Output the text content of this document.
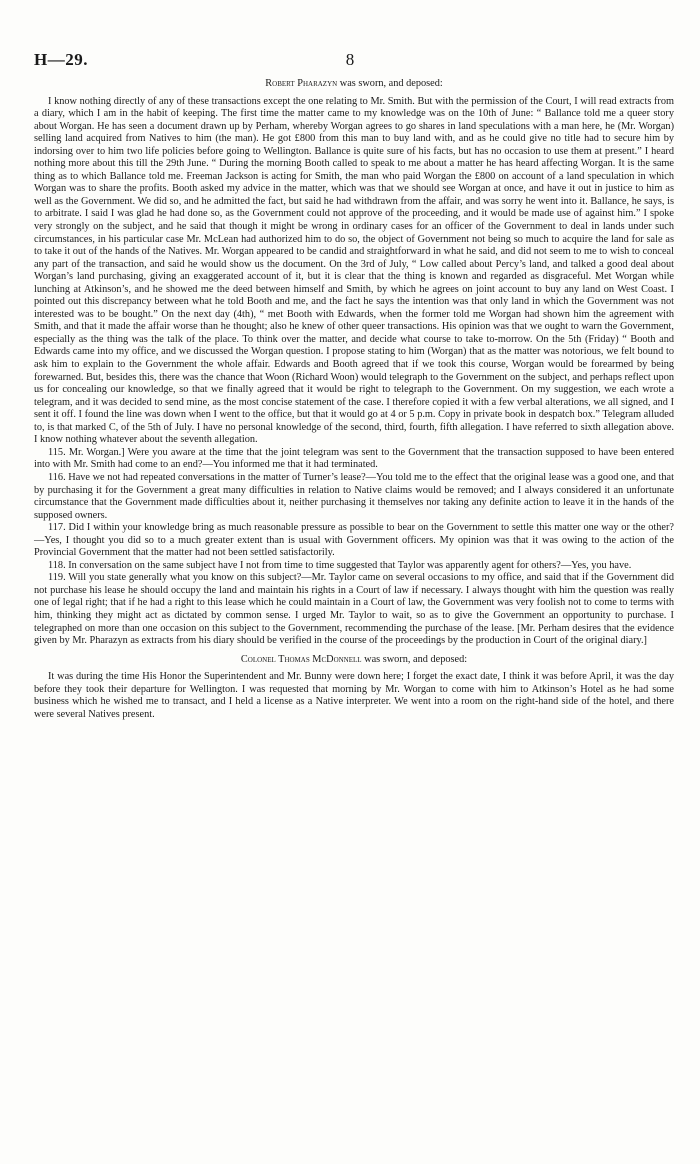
H—29.	8

Robert Pharazyn was sworn, and deposed:

I know nothing directly of any of these transactions except the one relating to Mr. Smith. But with the permission of the Court, I will read extracts from a diary, which I am in the habit of keeping. The first time the matter came to my knowledge was on the 10th of June: “ Ballance told me a queer story about Worgan. He has seen a document drawn up by Perham, whereby Worgan agrees to go shares in land speculations with a man here, he (Mr. Worgan) selling land acquired from Natives to him (the man). He got £800 from this man to buy land with, and as he could give no title had to secure him by indorsing over to him two life policies before going to Wellington. Ballance is quite sure of his facts, but has no occasion to use them at present.” I heard nothing more about this till the 29th June. “ During the morning Booth called to speak to me about a matter he has heard affecting Worgan. It is the same thing as to which Ballance told me. Freeman Jackson is acting for Smith, the man who paid Worgan the £800 on account of a land speculation in which Worgan was to share the profits. Booth asked my advice in the matter, which was that we should see Worgan at once, and have it out in justice to him as well as the Government. We did so, and he admitted the fact, but said he had withdrawn from the affair, and was sorry he went into it. Ballance, he says, is to arbitrate. I said I was glad he had done so, as the Government could not approve of the proceeding, and it would be made use of against him.” I spoke very strongly on the subject, and he said that though it might be wrong in ordinary cases for an officer of the Government to deal in lands under such circumstances, in his particular case Mr. McLean had authorized him to do so, the object of Government not being so much to acquire the land for sale as to take it out of the hands of the Natives. Mr. Worgan appeared to be candid and straightforward in what he said, and did not seem to me to wish to conceal any part of the transaction, and said he would show us the document. On the 3rd of July, “ Low called about Percy’s land, and talked a good deal about Worgan’s land purchasing, giving an exaggerated account of it, but it is clear that the thing is known and regarded as disgraceful. Met Worgan while lunching at Atkinson’s, and he showed me the deed between himself and Smith, by which he agrees on joint account to buy any land on West Coast. I pointed out this discrepancy between what he told Booth and me, and the fact he says the intention was that only land in which the Government was not interested was to be bought.” On the next day (4th), “ met Booth with Edwards, when the former told me Worgan had shown him the agreement with Smith, and that it made the affair worse than he thought; also he knew of other queer transactions. His opinion was that we ought to warn the Government, especially as the thing was the talk of the place. To think over the matter, and decide what course to take to-morrow. On the 5th (Friday) “ Booth and Edwards came into my office, and we discussed the Worgan question. I propose stating to him (Worgan) that as the matter was notorious, we felt bound to ask him to explain to the Government the whole affair. Edwards and Booth agreed that if we took this course, Worgan would be forearmed by being forewarned. But, besides this, there was the chance that Woon (Richard Woon) would telegraph to the Government on the subject, and perhaps reflect upon us for concealing our knowledge, so that we finally agreed that it would be right to telegraph to the Government. On my suggestion, we each wrote a telegram, and it was decided to send mine, as the most concise statement of the case. I therefore copied it with a few verbal alterations, we all signed, and I sent it off. I found the line was down when I went to the office, but that it would go at 4 or 5 p.m. Copy in private book in despatch box.” Telegram alluded to, is that marked C, of the 5th of July. I have no personal knowledge of the second, third, fourth, fifth allegation. I have referred to sixth allegation above. I know nothing whatever about the seventh allegation.

115. Mr. Worgan.] Were you aware at the time that the joint telegram was sent to the Government that the transaction supposed to have been entered into with Mr. Smith had come to an end?—You informed me that it had terminated.

116. Have we not had repeated conversations in the matter of Turner’s lease?—You told me to the effect that the original lease was a good one, and that by purchasing it for the Government a great many difficulties in relation to Native claims would be removed; and I always considered it an unfortunate circumstance that the Government made difficulties about it, neither purchasing it themselves nor taking any definite action to leave it in the hands of the supposed owners.

117. Did I within your knowledge bring as much reasonable pressure as possible to bear on the Government to settle this matter one way or the other?—Yes, I thought you did so to a much greater extent than is usual with Government officers. My opinion was that it was owing to the action of the Provincial Government that the matter had not been settled satisfactorily.

118. In conversation on the same subject have I not from time to time suggested that Taylor was apparently agent for others?—Yes, you have.

119. Will you state generally what you know on this subject?—Mr. Taylor came on several occasions to my office, and said that if the Government did not purchase his lease he should occupy the land and maintain his rights in a Court of law if necessary. I always thought with him the question was really one of legal right; that if he had a right to this lease which he could maintain in a Court of law, the Government was very foolish not to come to terms with him, thinking they might act as dictated by common sense. I urged Mr. Taylor to wait, so as to give the Government an opportunity to purchase. I telegraphed on more than one occasion on this subject to the Government, recommending the purchase of the lease. [Mr. Perham desires that the evidence given by Mr. Pharazyn as extracts from his diary should be verified in the course of the proceedings by the production in Court of the original diary.]

Colonel Thomas McDonnell was sworn, and deposed:

It was during the time His Honor the Superintendent and Mr. Bunny were down here; I forget the exact date, I think it was before April, it was the day before they took their departure for Wellington. I was requested that morning by Mr. Worgan to come with him to Atkinson’s Hotel as he had some business which he wished me to transact, and I held a license as a Native interpreter. We went into a room on the right-hand side of the hotel, and there were several Natives present.
